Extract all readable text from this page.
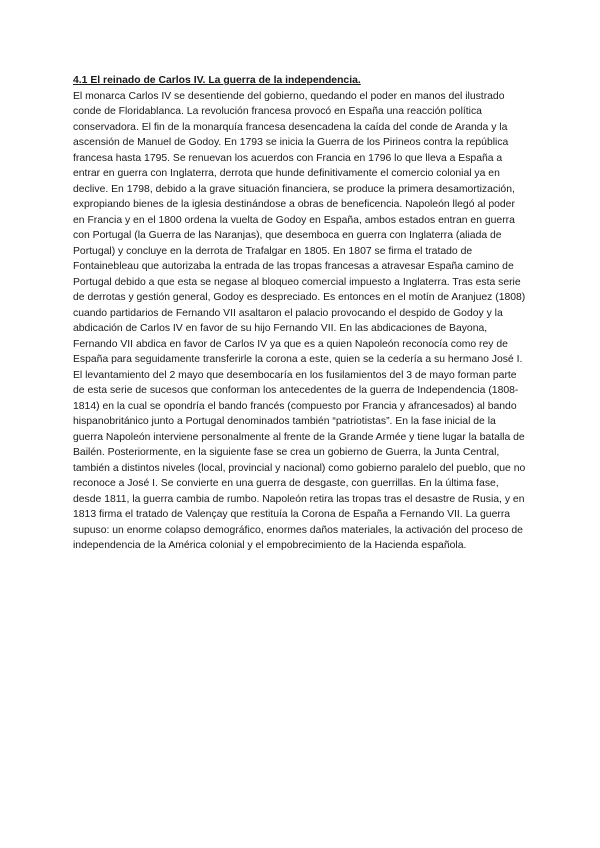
4.1 El reinado de Carlos IV. La guerra de la independencia.

El monarca Carlos IV se desentiende del gobierno, quedando el poder en manos del ilustrado conde de Floridablanca. La revolución francesa provocó en España una reacción política conservadora. El fin de la monarquía francesa desencadena la caída del conde de Aranda y la ascensión de Manuel de Godoy. En 1793 se inicia la Guerra de los Pirineos contra la república francesa hasta 1795. Se renuevan los acuerdos con Francia en 1796 lo que lleva a España a entrar en guerra con Inglaterra, derrota que hunde definitivamente el comercio colonial ya en declive. En 1798, debido a la grave situación financiera, se produce la primera desamortización, expropiando bienes de la iglesia destinándose a obras de beneficencia. Napoleón llegó al poder en Francia y en el 1800 ordena la vuelta de Godoy en España, ambos estados entran en guerra con Portugal (la Guerra de las Naranjas), que desemboca en guerra con Inglaterra (aliada de Portugal) y concluye en la derrota de Trafalgar en 1805. En 1807 se firma el tratado de Fontainebleau que autorizaba la entrada de las tropas francesas a atravesar España camino de Portugal debido a que esta se negase al bloqueo comercial impuesto a Inglaterra. Tras esta serie de derrotas y gestión general, Godoy es despreciado. Es entonces en el motín de Aranjuez (1808) cuando partidarios de Fernando VII asaltaron el palacio provocando el despido de Godoy y la abdicación de Carlos IV en favor de su hijo Fernando VII. En las abdicaciones de Bayona, Fernando VII abdica en favor de Carlos IV ya que es a quien Napoleón reconocía como rey de España para seguidamente transferirle la corona a este, quien se la cedería a su hermano José I. El levantamiento del 2 mayo que desembocaría en los fusilamientos del 3 de mayo forman parte de esta serie de sucesos que conforman los antecedentes de la guerra de Independencia (1808-1814) en la cual se opondría el bando francés (compuesto por Francia y afrancesados) al bando hispanobritánico junto a Portugal denominados también “patriotistas”. En la fase inicial de la guerra Napoleón interviene personalmente al frente de la Grande Armée y tiene lugar la batalla de Bailén. Posteriormente, en la siguiente fase se crea un gobierno de Guerra, la Junta Central, también a distintos niveles (local, provincial y nacional) como gobierno paralelo del pueblo, que no reconoce a José I. Se convierte en una guerra de desgaste, con guerrillas. En la última fase, desde 1811, la guerra cambia de rumbo. Napoleón retira las tropas tras el desastre de Rusia, y en 1813 firma el tratado de Valençay que restituía la Corona de España a Fernando VII. La guerra supuso: un enorme colapso demográfico, enormes daños materiales, la activación del proceso de independencia de la América colonial y el empobrecimiento de la Hacienda española.
